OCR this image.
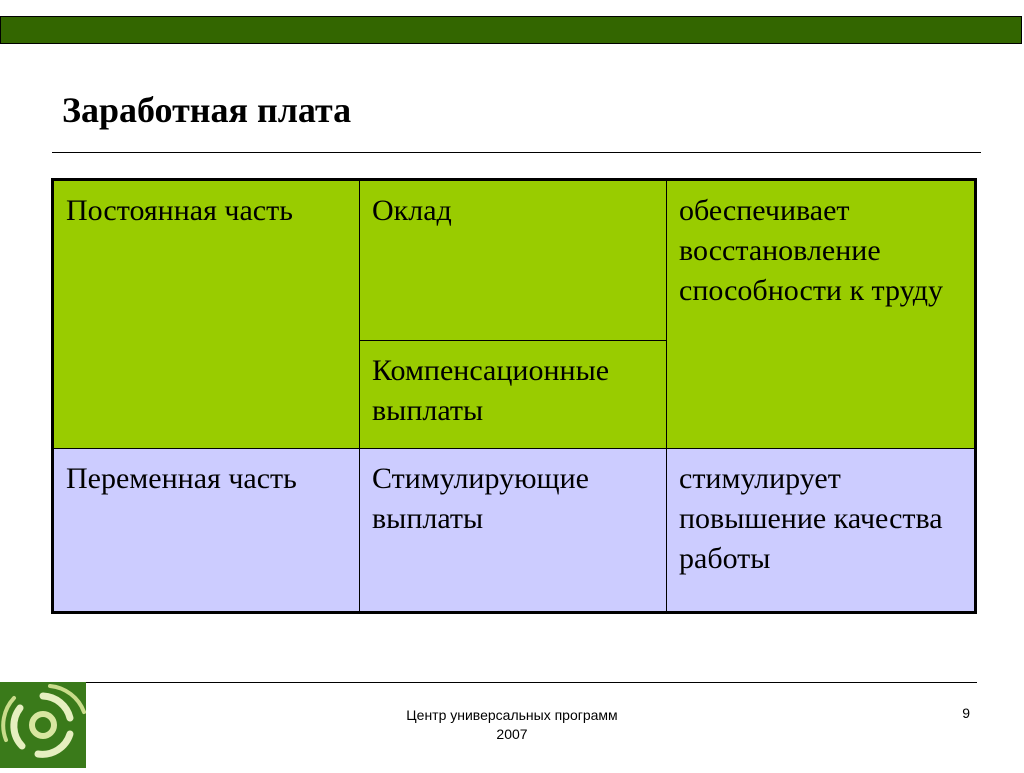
Заработная плата
Постоянная часть	Оклад	обеспечивает восстановление способности к труду
	Компенсационные выплаты	
Переменная часть	Стимулирующие выплаты	стимулирует повышение качества работы
Центр универсальных программ
2007
9
